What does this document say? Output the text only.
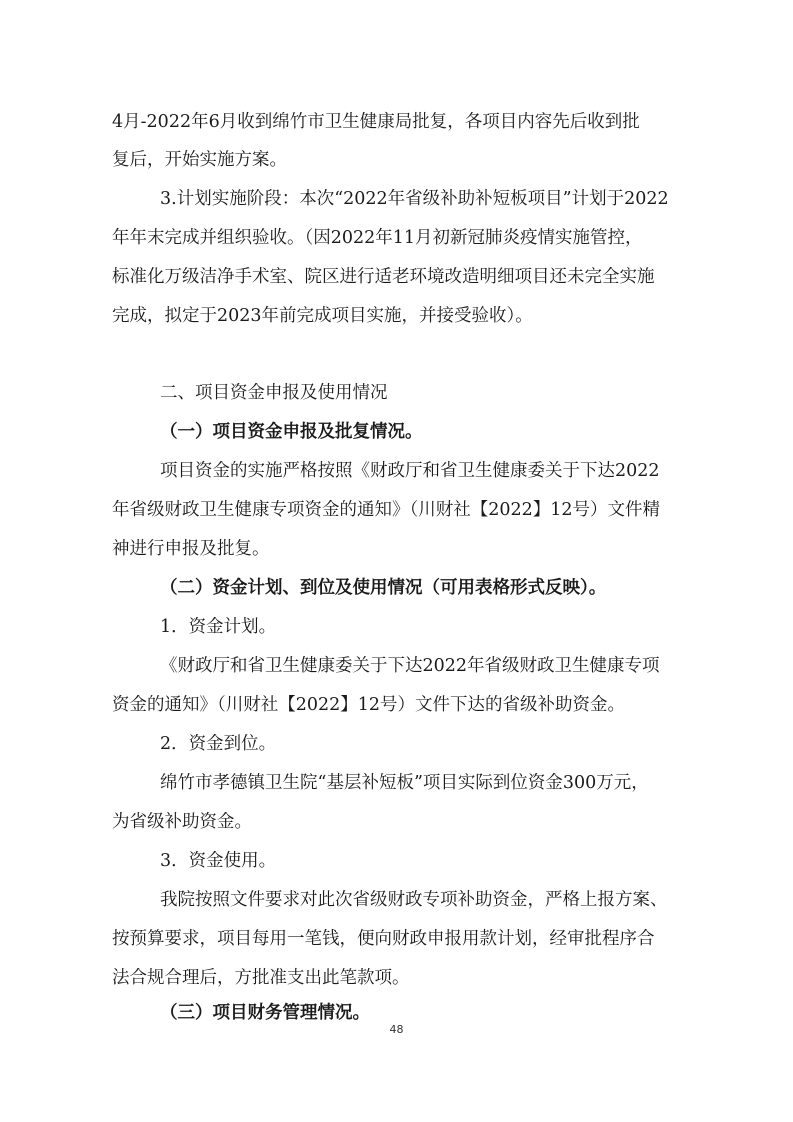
4月-2022年6月收到绵竹市卫生健康局批复，各项目内容先后收到批
复后，开始实施方案。
3.计划实施阶段：本次“2022年省级补助补短板项目”计划于2022
年年末完成并组织验收。（因2022年11月初新冠肺炎疫情实施管控，
标准化万级洁净手术室、院区进行适老环境改造明细项目还未完全实施
完成，拟定于2023年前完成项目实施，并接受验收）。
二、项目资金申报及使用情况
（一）项目资金申报及批复情况。
项目资金的实施严格按照《财政厅和省卫生健康委关于下达2022
年省级财政卫生健康专项资金的通知》（川财社【2022】12号）文件精
神进行申报及批复。
（二）资金计划、到位及使用情况（可用表格形式反映）。
1．资金计划。
《财政厅和省卫生健康委关于下达2022年省级财政卫生健康专项
资金的通知》（川财社【2022】12号）文件下达的省级补助资金。
2．资金到位。
绵竹市孝德镇卫生院“基层补短板”项目实际到位资金300万元，
为省级补助资金。
3．资金使用。
我院按照文件要求对此次省级财政专项补助资金，严格上报方案、
按预算要求，项目每用一笔钱，便向财政申报用款计划，经审批程序合
法合规合理后，方批准支出此笔款项。
（三）项目财务管理情况。
48
